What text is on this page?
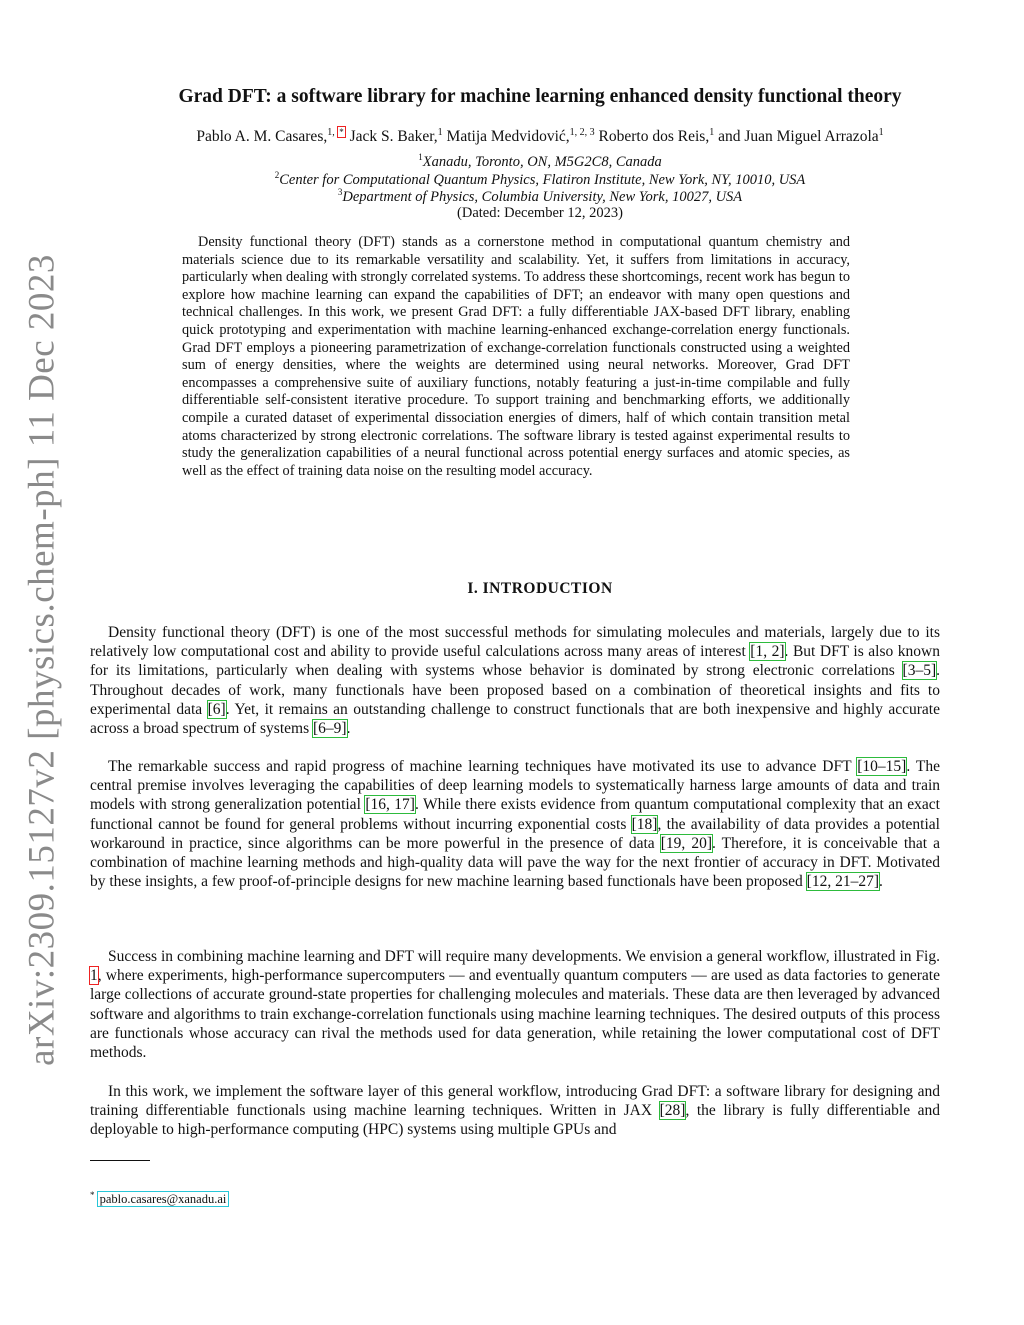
arXiv:2309.15127v2 [physics.chem-ph] 11 Dec 2023
Grad DFT: a software library for machine learning enhanced density functional theory
Pablo A. M. Casares,$^{1, *}$ Jack S. Baker,$^1$ Matija Medvidović,$^{1, 2, 3}$ Roberto dos Reis,$^1$ and Juan Miguel Arrazola$^1$
$^1$Xanadu, Toronto, ON, M5G2C8, Canada
$^2$Center for Computational Quantum Physics, Flatiron Institute, New York, NY, 10010, USA
$^3$Department of Physics, Columbia University, New York, 10027, USA
(Dated: December 12, 2023)

Density functional theory (DFT) stands as a cornerstone method in computational quantum chemistry and materials science due to its remarkable versatility and scalability. Yet, it suffers from limitations in accuracy, particularly when dealing with strongly correlated systems. To address these shortcomings, recent work has begun to explore how machine learning can expand the capabilities of DFT; an endeavor with many open questions and technical challenges. In this work, we present Grad DFT: a fully differentiable JAX-based DFT library, enabling quick prototyping and experimentation with machine learning-enhanced exchange-correlation energy functionals. Grad DFT employs a pioneering parametrization of exchange-correlation functionals constructed using a weighted sum of energy densities, where the weights are determined using neural networks. Moreover, Grad DFT encompasses a comprehensive suite of auxiliary functions, notably featuring a just-in-time compilable and fully differentiable self-consistent iterative procedure. To support training and benchmarking efforts, we additionally compile a curated dataset of experimental dissociation energies of dimers, half of which contain transition metal atoms characterized by strong electronic correlations. The software library is tested against experimental results to study the generalization capabilities of a neural functional across potential energy surfaces and atomic species, as well as the effect of training data noise on the resulting model accuracy.

I. INTRODUCTION

Density functional theory (DFT) is one of the most successful methods for simulating molecules and materials, largely due to its relatively low computational cost and ability to provide useful calculations across many areas of interest [1, 2]. But DFT is also known for its limitations, particularly when dealing with systems whose behavior is dominated by strong electronic correlations [3–5]. Throughout decades of work, many functionals have been proposed based on a combination of theoretical insights and fits to experimental data [6]. Yet, it remains an outstanding challenge to construct functionals that are both inexpensive and highly accurate across a broad spectrum of systems [6–9].

The remarkable success and rapid progress of machine learning techniques have motivated its use to advance DFT [10–15]. The central premise involves leveraging the capabilities of deep learning models to systematically harness large amounts of data and train models with strong generalization potential [16, 17]. While there exists evidence from quantum computational complexity that an exact functional cannot be found for general problems without incurring exponential costs [18], the availability of data provides a potential workaround in practice, since algorithms can be more powerful in the presence of data [19, 20]. Therefore, it is conceivable that a combination of machine learning methods and high-quality data will pave the way for the next frontier of accuracy in DFT. Motivated by these insights, a few proof-of-principle designs for new machine learning based functionals have been proposed [12, 21–27].

Success in combining machine learning and DFT will require many developments. We envision a general workflow, illustrated in Fig. 1, where experiments, high-performance supercomputers — and eventually quantum computers — are used as data factories to generate large collections of accurate ground-state properties for challenging molecules and materials. These data are then leveraged by advanced software and algorithms to train exchange-correlation functionals using machine learning techniques. The desired outputs of this process are functionals whose accuracy can rival the methods used for data generation, while retaining the lower computational cost of DFT methods.

In this work, we implement the software layer of this general workflow, introducing Grad DFT: a software library for designing and training differentiable functionals using machine learning techniques. Written in JAX [28], the library is fully differentiable and deployable to high-performance computing (HPC) systems using multiple GPUs and

* pablo.casares@xanadu.ai
